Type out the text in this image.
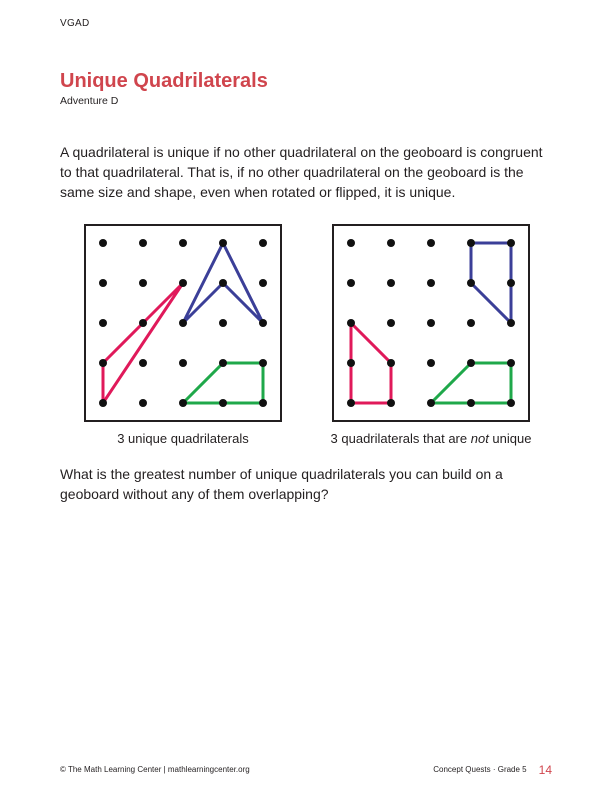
VGAD
Unique Quadrilaterals
Adventure D

A quadrilateral is unique if no other quadrilateral on the geoboard is congruent to that quadrilateral. That is, if no other quadrilateral on the geoboard is the same size and shape, even when rotated or flipped, it is unique.

3 unique quadrilaterals	3 quadrilaterals that are not unique

What is the greatest number of unique quadrilaterals you can build on a geoboard without any of them overlapping?

© The Math Learning Center | mathlearningcenter.org	Concept Quests · Grade 5 14
